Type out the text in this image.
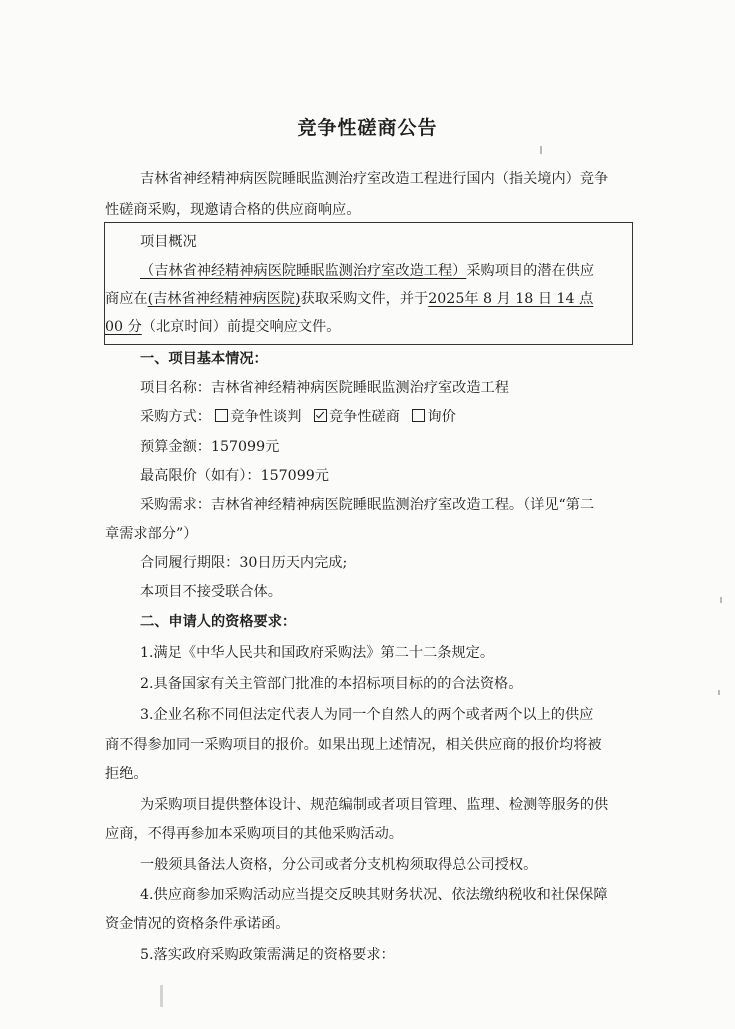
竞争性磋商公告
吉林省神经精神病医院睡眠监测治疗室改造工程进行国内（指关境内）竞争
性磋商采购，现邀请合格的供应商响应。
项目概况
（吉林省神经精神病医院睡眠监测治疗室改造工程）采购项目的潜在供应
商应在(吉林省神经精神病医院)获取采购文件，并于2025年 8 月 18 日 14 点
00 分（北京时间）前提交响应文件。
一、项目基本情况：
项目名称：吉林省神经精神病医院睡眠监测治疗室改造工程
采购方式： 竞争性谈判 竞争性磋商 询价
预算金额：157099元
最高限价（如有）：157099元
采购需求：吉林省神经精神病医院睡眠监测治疗室改造工程。（详见“第二
章需求部分”）
合同履行期限：30日历天内完成;
本项目不接受联合体。
二、申请人的资格要求：
1.满足《中华人民共和国政府采购法》第二十二条规定。
2.具备国家有关主管部门批准的本招标项目标的的合法资格。
3.企业名称不同但法定代表人为同一个自然人的两个或者两个以上的供应
商不得参加同一采购项目的报价。如果出现上述情况，相关供应商的报价均将被
拒绝。
为采购项目提供整体设计、规范编制或者项目管理、监理、检测等服务的供
应商，不得再参加本采购项目的其他采购活动。
一般须具备法人资格，分公司或者分支机构须取得总公司授权。
4.供应商参加采购活动应当提交反映其财务状况、依法缴纳税收和社保保障
资金情况的资格条件承诺函。
5.落实政府采购政策需满足的资格要求：
